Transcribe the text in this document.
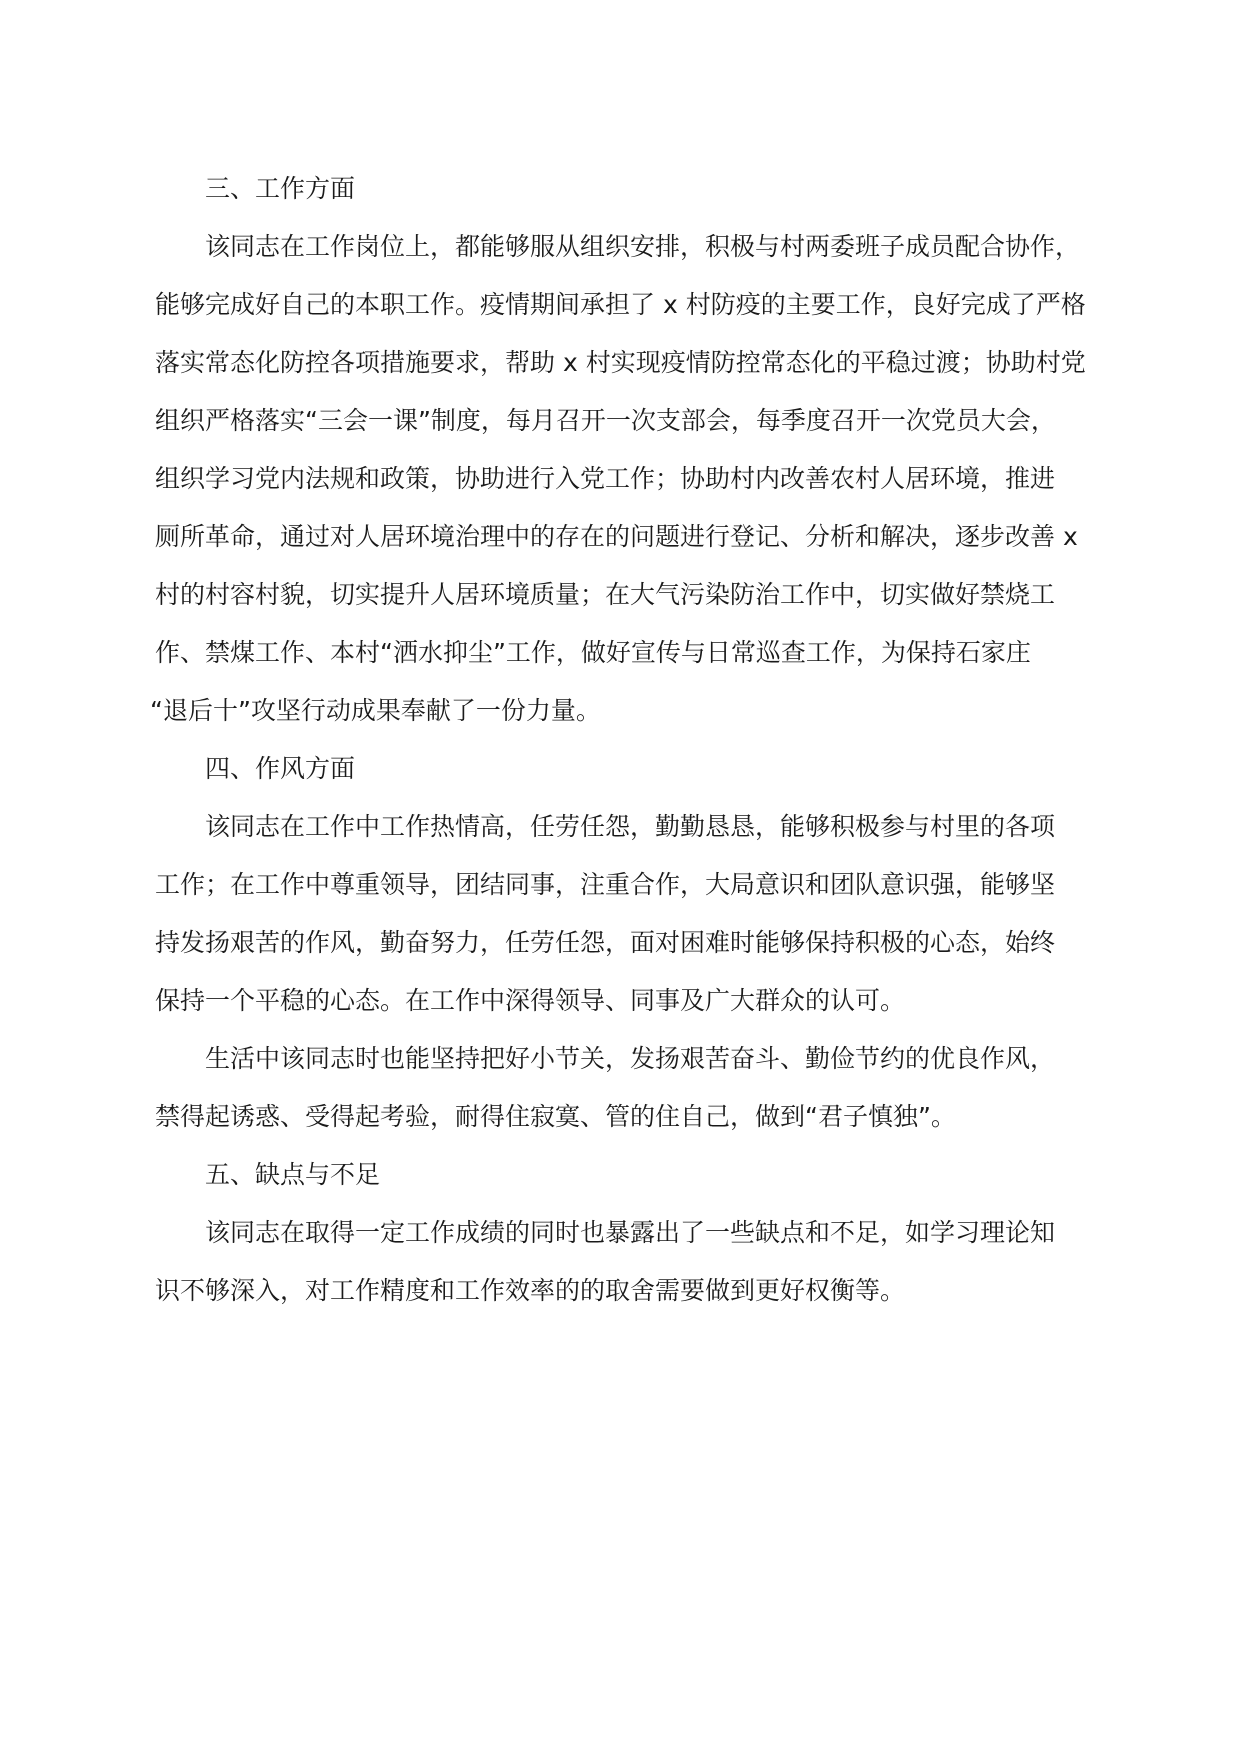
三、工作方面
该同志在工作岗位上，都能够服从组织安排，积极与村两委班子成员配合协作，
能够完成好自己的本职工作。疫情期间承担了 x 村防疫的主要工作，良好完成了严格
落实常态化防控各项措施要求，帮助 x 村实现疫情防控常态化的平稳过渡；协助村党
组织严格落实“三会一课”制度，每月召开一次支部会，每季度召开一次党员大会，
组织学习党内法规和政策，协助进行入党工作；协助村内改善农村人居环境，推进
厕所革命，通过对人居环境治理中的存在的问题进行登记、分析和解决，逐步改善 x
村的村容村貌，切实提升人居环境质量；在大气污染防治工作中，切实做好禁烧工
作、禁煤工作、本村“洒水抑尘”工作，做好宣传与日常巡查工作，为保持石家庄
“退后十”攻坚行动成果奉献了一份力量。
四、作风方面
该同志在工作中工作热情高，任劳任怨，勤勤恳恳，能够积极参与村里的各项
工作；在工作中尊重领导，团结同事，注重合作，大局意识和团队意识强，能够坚
持发扬艰苦的作风，勤奋努力，任劳任怨，面对困难时能够保持积极的心态，始终
保持一个平稳的心态。在工作中深得领导、同事及广大群众的认可。
生活中该同志时也能坚持把好小节关，发扬艰苦奋斗、勤俭节约的优良作风，
禁得起诱惑、受得起考验，耐得住寂寞、管的住自己，做到“君子慎独”。
五、缺点与不足
该同志在取得一定工作成绩的同时也暴露出了一些缺点和不足，如学习理论知
识不够深入，对工作精度和工作效率的的取舍需要做到更好权衡等。
